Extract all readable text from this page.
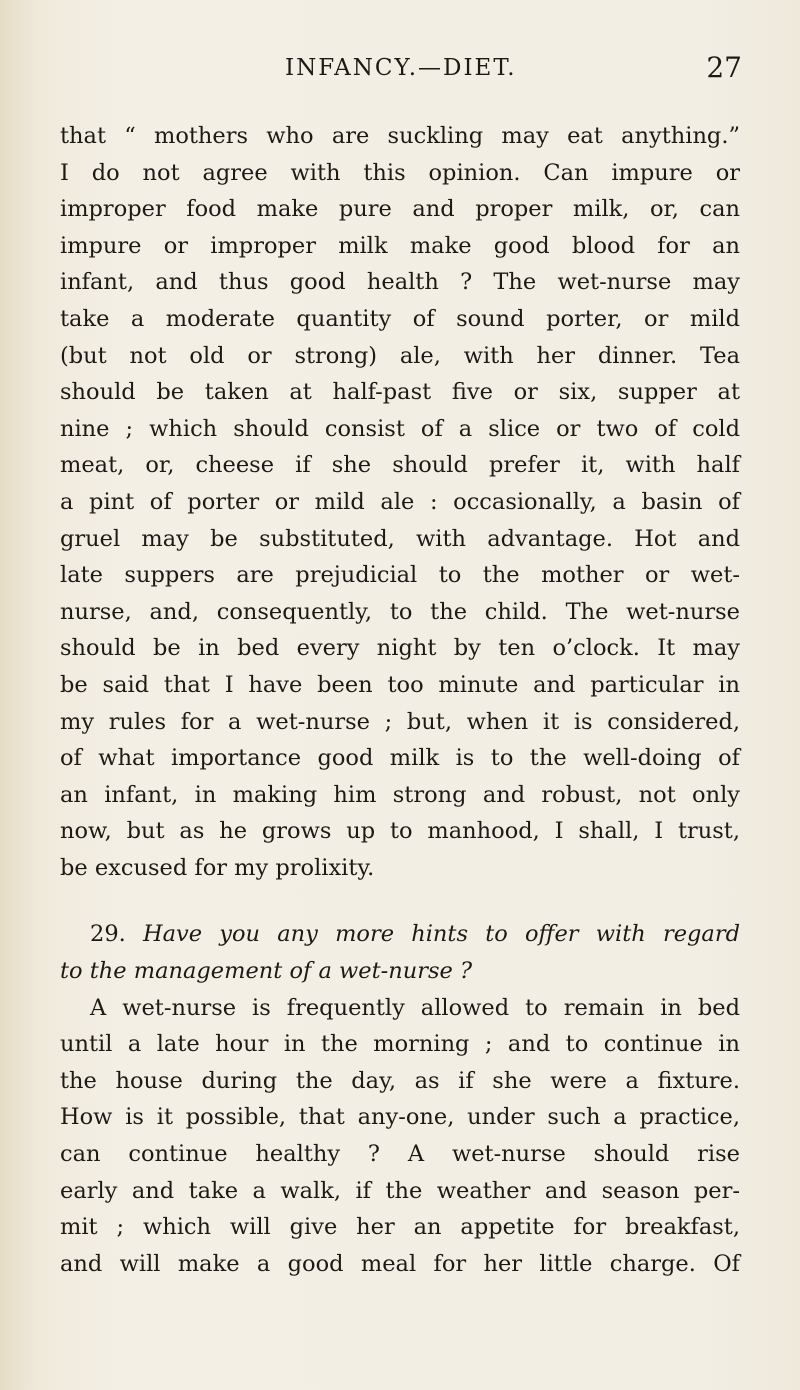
INFANCY.—DIET.	27
that “ mothers who are suckling may eat anything.”
I do not agree with this opinion. Can impure or
improper food make pure and proper milk, or, can
impure or improper milk make good blood for an
infant, and thus good health ? The wet-nurse may
take a moderate quantity of sound porter, or mild
(but not old or strong) ale, with her dinner. Tea
should be taken at half-past five or six, supper at
nine ; which should consist of a slice or two of cold
meat, or, cheese if she should prefer it, with half
a pint of porter or mild ale : occasionally, a basin of
gruel may be substituted, with advantage. Hot and
late suppers are prejudicial to the mother or wet-
nurse, and, consequently, to the child. The wet-nurse
should be in bed every night by ten o’clock. It may
be said that I have been too minute and particular in
my rules for a wet-nurse ; but, when it is considered,
of what importance good milk is to the well-doing of
an infant, in making him strong and robust, not only
now, but as he grows up to manhood, I shall, I trust,
be excused for my prolixity.
29. Have you any more hints to offer with regard
to the management of a wet-nurse ?
A wet-nurse is frequently allowed to remain in bed
until a late hour in the morning ; and to continue in
the house during the day, as if she were a fixture.
How is it possible, that any-one, under such a practice,
can continue healthy ? A wet-nurse should rise
early and take a walk, if the weather and season per-
mit ; which will give her an appetite for breakfast,
and will make a good meal for her little charge. Of
